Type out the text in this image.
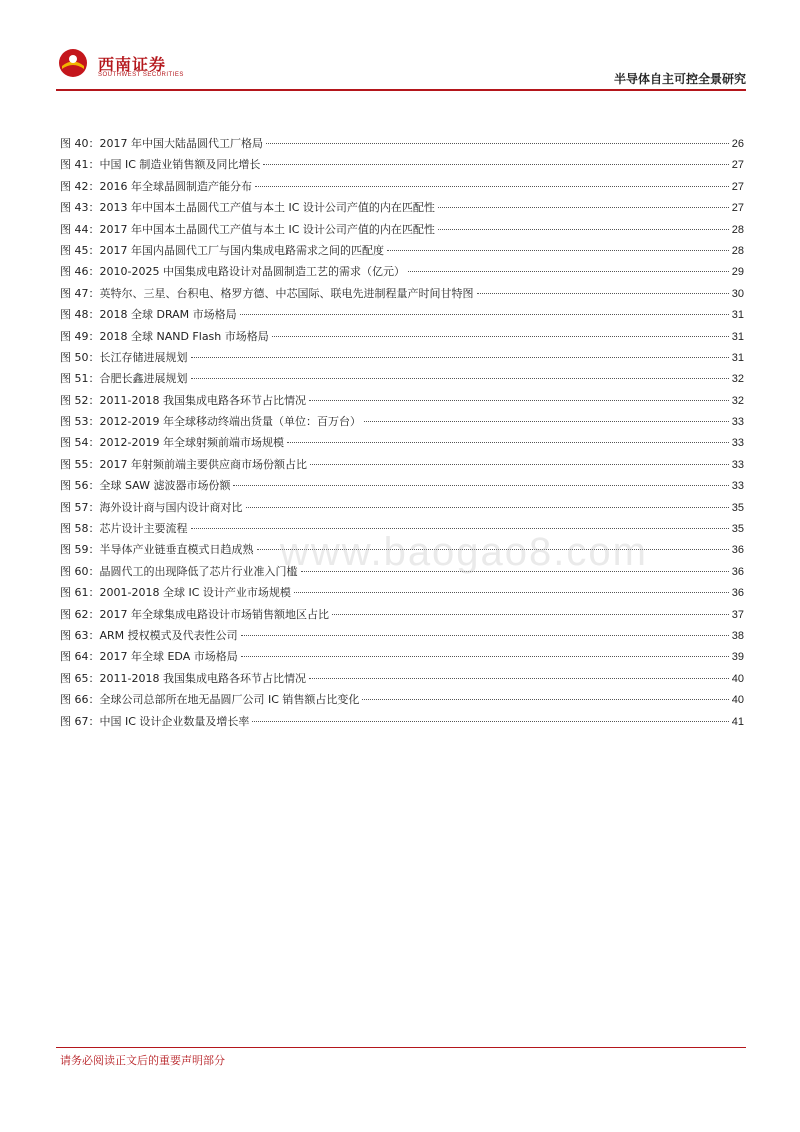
西南证券
SOUTHWEST SECURITIES	半导体自主可控全景研究
图 40：2017 年中国大陆晶圆代工厂格局	26
图 41：中国 IC 制造业销售额及同比增长	27
图 42：2016 年全球晶圆制造产能分布	27
图 43：2013 年中国本土晶圆代工产值与本土 IC 设计公司产值的内在匹配性	27
图 44：2017 年中国本土晶圆代工产值与本土 IC 设计公司产值的内在匹配性	28
图 45：2017 年国内晶圆代工厂与国内集成电路需求之间的匹配度	28
图 46：2010-2025 中国集成电路设计对晶圆制造工艺的需求（亿元）	29
图 47：英特尔、三星、台积电、格罗方德、中芯国际、联电先进制程量产时间甘特图	30
图 48：2018 全球 DRAM 市场格局	31
图 49：2018 全球 NAND Flash 市场格局	31
图 50：长江存储进展规划	31
图 51：合肥长鑫进展规划	32
图 52：2011-2018 我国集成电路各环节占比情况	32
图 53：2012-2019 年全球移动终端出货量（单位：百万台）	33
图 54：2012-2019 年全球射频前端市场规模	33
图 55：2017 年射频前端主要供应商市场份额占比	33
图 56：全球 SAW 滤波器市场份额	33
图 57：海外设计商与国内设计商对比	35
图 58：芯片设计主要流程	35
图 59：半导体产业链垂直模式日趋成熟	36
图 60：晶圆代工的出现降低了芯片行业准入门槛	36
图 61：2001-2018 全球 IC 设计产业市场规模	36
图 62：2017 年全球集成电路设计市场销售额地区占比	37
图 63：ARM 授权模式及代表性公司	38
图 64：2017 年全球 EDA 市场格局	39
图 65：2011-2018 我国集成电路各环节占比情况	40
图 66：全球公司总部所在地无晶圆厂公司 IC 销售额占比变化	40
图 67：中国 IC 设计企业数量及增长率	41
www.baogao8.com
请务必阅读正文后的重要声明部分
